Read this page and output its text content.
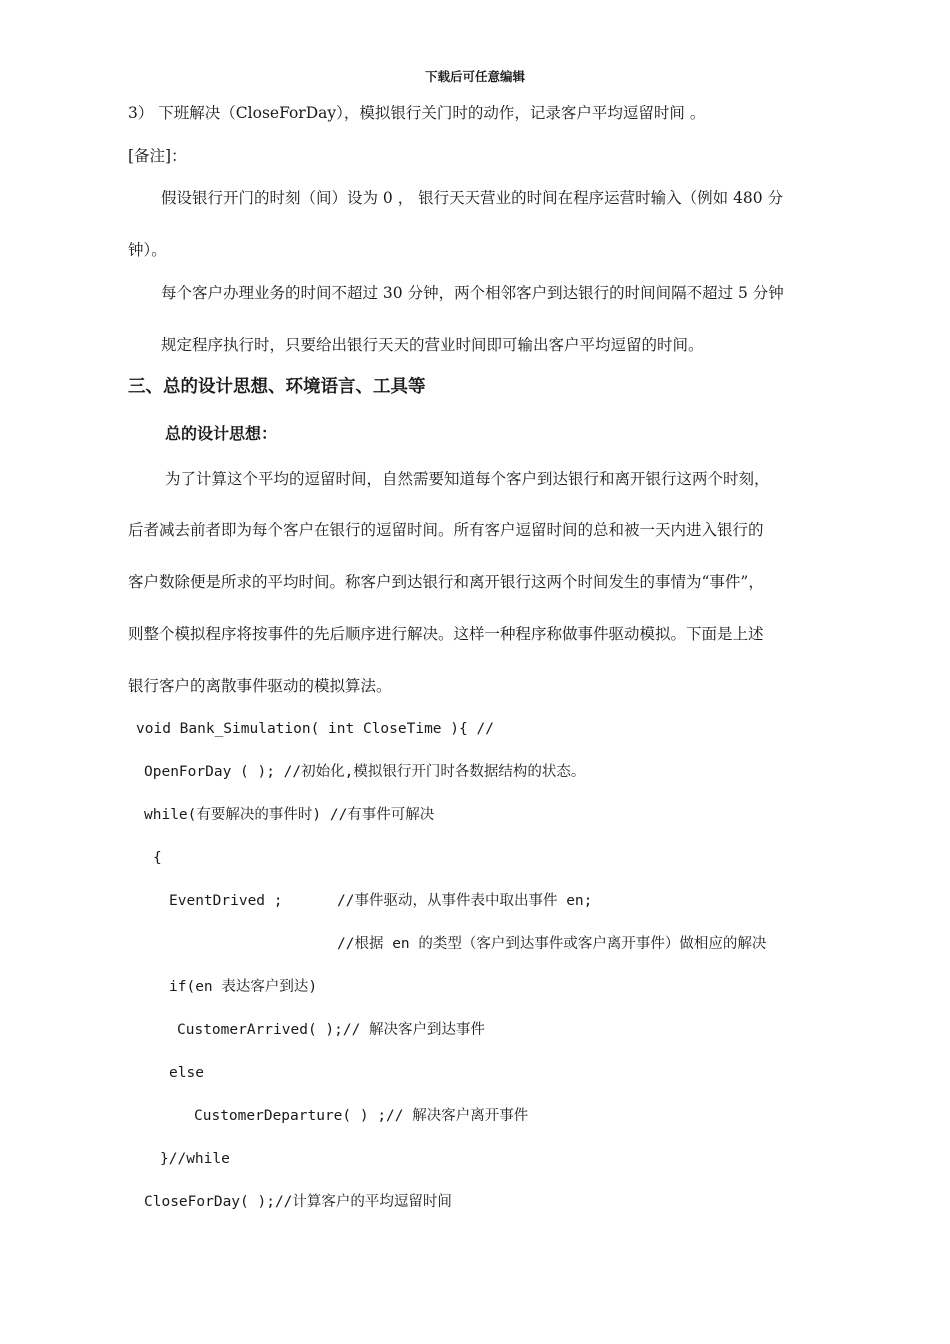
下载后可任意编辑
3） 下班解决（CloseForDay），模拟银行关门时的动作，记录客户平均逗留时间 。
[备注]：
假设银行开门的时刻（间）设为 0 ， 银行天天营业的时间在程序运营时输入（例如 480 分
钟）。
每个客户办理业务的时间不超过 30 分钟，两个相邻客户到达银行的时间间隔不超过 5 分钟
规定程序执行时，只要给出银行天天的营业时间即可输出客户平均逗留的时间。
三、总的设计思想、环境语言、工具等
总的设计思想：
为了计算这个平均的逗留时间，自然需要知道每个客户到达银行和离开银行这两个时刻，
后者减去前者即为每个客户在银行的逗留时间。所有客户逗留时间的总和被一天内进入银行的
客户数除便是所求的平均时间。称客户到达银行和离开银行这两个时间发生的事情为“事件”，
则整个模拟程序将按事件的先后顺序进行解决。这样一种程序称做事件驱动模拟。下面是上述
银行客户的离散事件驱动的模拟算法。
void Bank_Simulation( int CloseTime ){ //
OpenForDay ( ); //初始化,模拟银行开门时各数据结构的状态。
while(有要解决的事件时) //有事件可解决
{
EventDrived ;	//事件驱动，从事件表中取出事件 en;
//根据 en 的类型（客户到达事件或客户离开事件）做相应的解决
if(en 表达客户到达)
CustomerArrived( );// 解决客户到达事件
else
CustomerDeparture( ) ;// 解决客户离开事件
}//while
CloseForDay( );//计算客户的平均逗留时间
